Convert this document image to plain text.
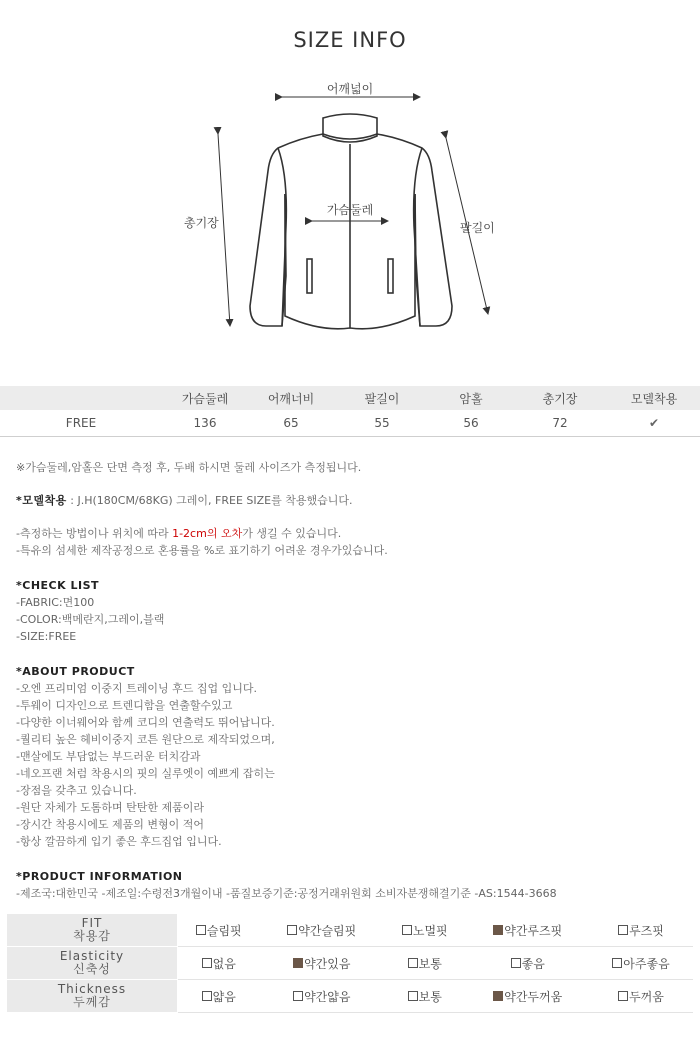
SIZE INFO
어깨넓이
가슴둘레
총기장	팔길이
	가슴둘레	어깨너비	팔길이	암홀	총기장	모델착용
FREE	136	65	55	56	72	✔

※가슴둘레,암홀은 단면 측정 후, 두배 하시면 둘레 사이즈가 측정됩니다.

*모델착용 : J.H(180CM/68KG) 그레이, FREE SIZE를 착용했습니다.

-측정하는 방법이나 위치에 따라 1-2cm의 오차가 생길 수 있습니다.

-특유의 섬세한 제작공정으로 혼용률을 %로 표기하기 어려운 경우가있습니다.

*CHECK LIST

-FABRIC:면100

-COLOR:백메란지,그레이,블랙

-SIZE:FREE

*ABOUT PRODUCT

-오엔 프리미엄 이중지 트레이닝 후드 집업 입니다.

-투웨이 디자인으로 트렌디함을 연출할수있고

-다양한 이너웨어와 함께 코디의 연출력도 뛰어납니다.

-퀄리티 높은 헤비이중지 코튼 원단으로 제작되었으며,

-맨살에도 부담없는 부드러운 터치감과

-네오프랜 처럼 착용시의 핏의 실루엣이 예쁘게 잡히는

-장점을 갖추고 있습니다.

-원단 자체가 도톰하며 탄탄한 제품이라

-장시간 착용시에도 제품의 변형이 적어

-항상 깔끔하게 입기 좋은 후드집업 입니다.

*PRODUCT INFORMATION

-제조국:대한민국 -제조일:수령전3개월이내 -품질보증기준:공정거래위원회 소비자분쟁해결기준 -AS:1544-3668

FIT
착용감	슬림핏	약간슬림핏	노멀핏	약간루즈핏	루즈핏

Elasticity
신축성	없음	약간있음	보통	좋음	아주좋음

Thickness
두께감	얇음	약간얇음	보통	약간두꺼움	두꺼움
